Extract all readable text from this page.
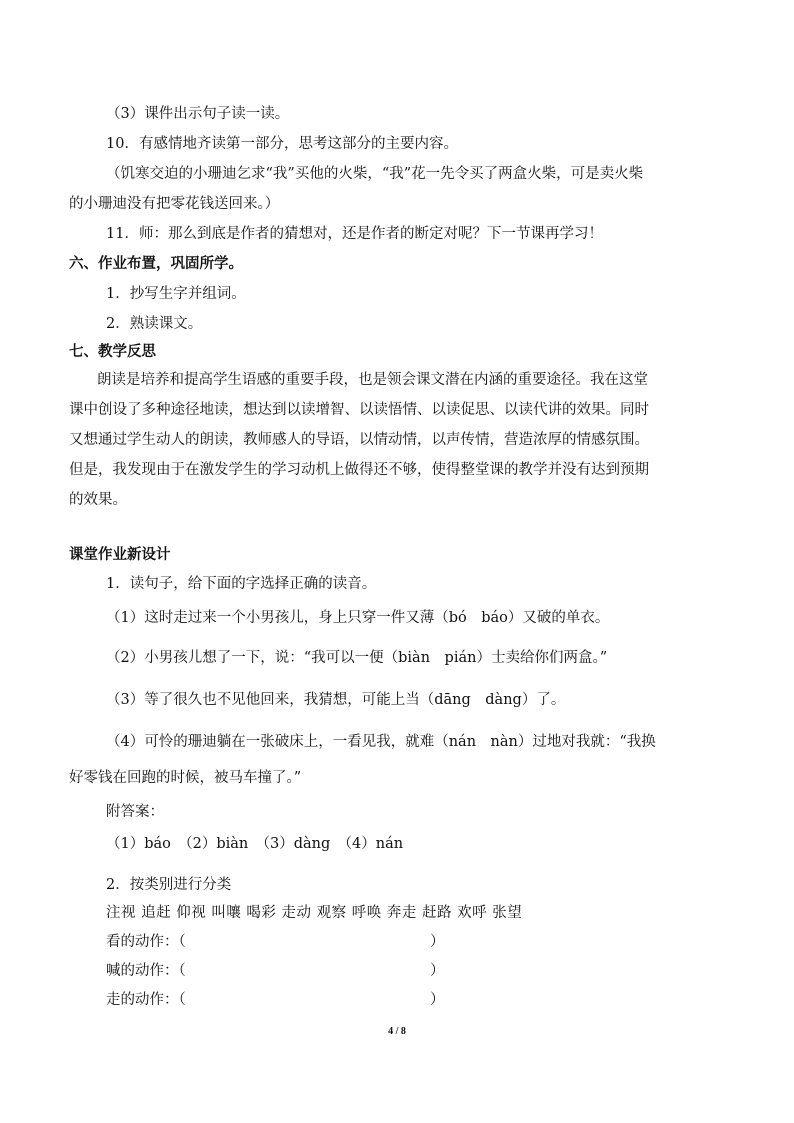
（3）课件出示句子读一读。
10．有感情地齐读第一部分，思考这部分的主要内容。
（饥寒交迫的小珊迪乞求“我”买他的火柴，“我”花一先令买了两盒火柴，可是卖火柴
的小珊迪没有把零花钱送回来。）
11．师：那么到底是作者的猜想对，还是作者的断定对呢？下一节课再学习！
六、作业布置，巩固所学。
1．抄写生字并组词。
2．熟读课文。
七、教学反思
朗读是培养和提高学生语感的重要手段，也是领会课文潜在内涵的重要途径。我在这堂
课中创设了多种途径地读，想达到以读增智、以读悟情、以读促思、以读代讲的效果。同时
又想通过学生动人的朗读，教师感人的导语，以情动情，以声传情，营造浓厚的情感氛围。
但是，我发现由于在激发学生的学习动机上做得还不够，使得整堂课的教学并没有达到预期
的效果。
课堂作业新设计
1．读句子，给下面的字选择正确的读音。
（1）这时走过来一个小男孩儿，身上只穿一件又薄（bó　báo）又破的单衣。
（2）小男孩儿想了一下，说：“我可以一便（biàn　pián）士卖给你们两盒。”
（3）等了很久也不见他回来，我猜想，可能上当（dāng　dàng）了。
（4）可怜的珊迪躺在一张破床上，一看见我，就难（nán　nàn）过地对我就：“我换
好零钱在回跑的时候，被马车撞了。”
附答案：
（1）báo　（2）biàn　（3）dàng　（4）nán
2．按类别进行分类
注视 追赶 仰视 叫嚷 喝彩 走动 观察 呼唤 奔走 赶路 欢呼 张望
看的动作：（	）
喊的动作：（	）
走的动作：（	）
4 / 8
